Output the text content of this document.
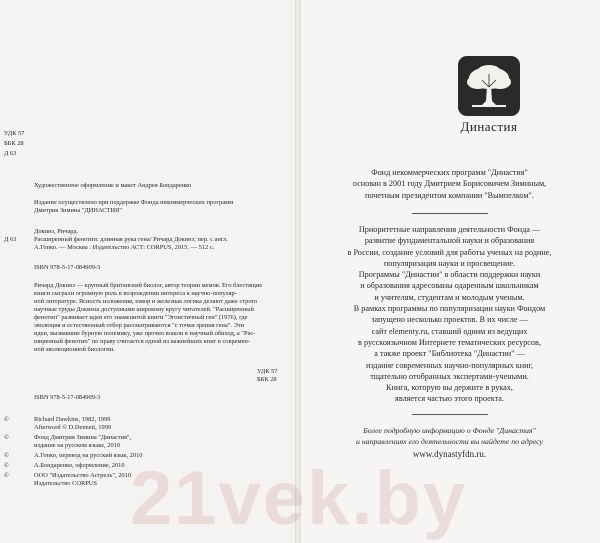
УДК 57
ББК 28
Д 63
Художественное оформление и макет Андрея Бондаренко
Издание осуществлено при поддержке Фонда некоммерческих программ
Дмитрия Зимина "ДИНАСТИЯ"
Докинз, Ричард.
Д 63	Расширенный фенотип: длинная рука гена/ Ричард Докинз; пер. с англ.
А.Гопко. — Москва : Издательство АСТ: CORPUS, 2015. — 512 с.
ISBN 978-5-17-084909-3
Ричард Докинз — крупный британский биолог, автор теории мемов. Его блестящие
книги сыграли огромную роль в возрождении интереса к научно-популяр-
ной литературе. Ясность изложения, юмор и железная логика делают даже строго
научные труды Докинза доступными широкому кругу читателей. "Расширенный
фенотип" развивает идеи его знаменитой книги "Эгоистичный ген" (1976), где
эволюция и естественный отбор рассматриваются "с точки зрения гена". Эти
идеи, вызвавшие бурную полемику, уже прочно вошли в научный обиход, а "Рас-
ширенный фенотип" по праву считается одной из важнейших книг в современ-
ной эволюционной биологии.
УДК 57
ББК 28
ISBN 978-5-17-084909-3
©	Richard Dawkins, 1982, 1999
Afterword © D.Dennett, 1999
©	Фонд Дмитрия Зимина "Династия",
издание на русском языке, 2010
©	А.Гопко, перевод на русский язык, 2010
©	А.Бондаренко, оформление, 2010
©	ООО "Издательство Астрель", 2010
Издательство CORPUS
Династия
Фонд некоммерческих программ "Династия"
основан в 2001 году Дмитрием Борисовичем Зиминым,
почетным президентом компании "Вымпелком".
Приоритетные направления деятельности Фонда —
развитие фундаментальной науки и образования
в России, создание условий для работы ученых на родине,
популяризация науки и просвещение.
Программы "Династии" в области поддержки науки
и образования адресованы одаренным школьникам
и учителям, студентам и молодым ученым.
В рамках программы по популяризации науки Фондом
запущено несколько проектов. В их числе —
сайт elementy.ru, ставший одним из ведущих
в русскоязычном Интернете тематических ресурсов,
а также проект "Библиотека "Династии" —
издание современных научно-популярных книг,
тщательно отобранных экспертами-учеными.
Книга, которую вы держите в руках,
является частью этого проекта.
Более подробную информацию о Фонде "Династия"
и направлениях его деятельности вы найдете по адресу
www.dynastyfdn.ru.
21vek.by
